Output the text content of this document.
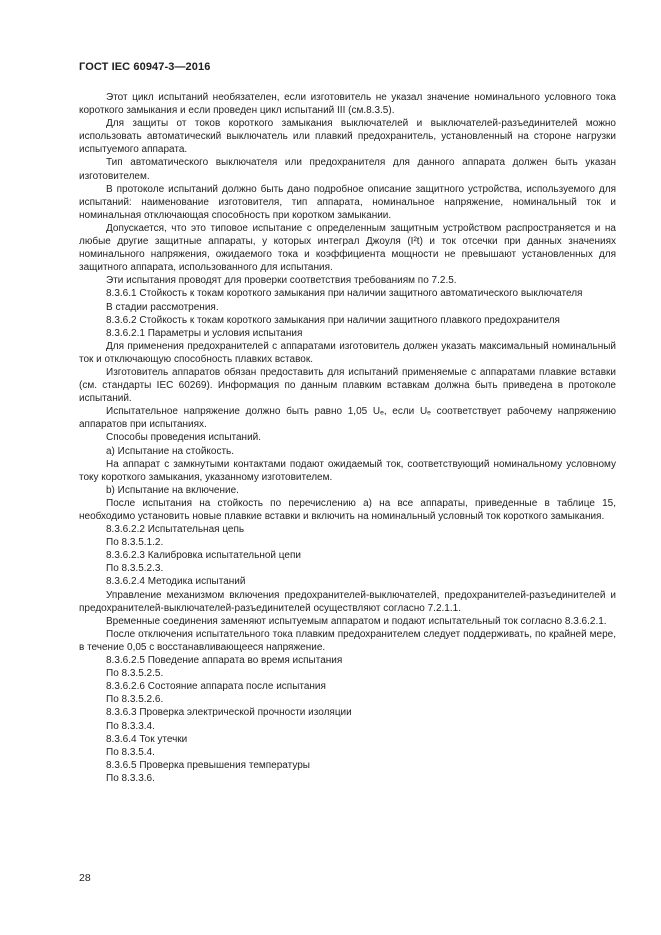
ГОСТ IEC 60947-3—2016

Этот цикл испытаний необязателен, если изготовитель не указал значение номинального условного тока короткого замыкания и если проведен цикл испытаний III (см.8.3.5).

Для защиты от токов короткого замыкания выключателей и выключателей-разъединителей можно использовать автоматический выключатель или плавкий предохранитель, установленный на стороне нагрузки испытуемого аппарата.

Тип автоматического выключателя или предохранителя для данного аппарата должен быть указан изготовителем.

В протоколе испытаний должно быть дано подробное описание защитного устройства, используемого для испытаний: наименование изготовителя, тип аппарата, номинальное напряжение, номинальный ток и номинальная отключающая способность при коротком замыкании.

Допускается, что это типовое испытание с определенным защитным устройством распространяется и на любые другие защитные аппараты, у которых интеграл Джоуля (I²t) и ток отсечки при данных значениях номинального напряжения, ожидаемого тока и коэффициента мощности не превышают установленных для защитного аппарата, использованного для испытания.

Эти испытания проводят для проверки соответствия требованиям по 7.2.5.

8.3.6.1 Стойкость к токам короткого замыкания при наличии защитного автоматического выключателя

В стадии рассмотрения.

8.3.6.2 Стойкость к токам короткого замыкания при наличии защитного плавкого предохранителя

8.3.6.2.1 Параметры и условия испытания

Для применения предохранителей с аппаратами изготовитель должен указать максимальный номинальный ток и отключающую способность плавких вставок.

Изготовитель аппаратов обязан предоставить для испытаний применяемые с аппаратами плавкие вставки (см. стандарты IEC 60269). Информация по данным плавким вставкам должна быть приведена в протоколе испытаний.

Испытательное напряжение должно быть равно 1,05 Uₑ, если Uₑ соответствует рабочему напряжению аппаратов при испытаниях.

Способы проведения испытаний.

a) Испытание на стойкость.

На аппарат с замкнутыми контактами подают ожидаемый ток, соответствующий номинальному условному току короткого замыкания, указанному изготовителем.

b) Испытание на включение.

После испытания на стойкость по перечислению а) на все аппараты, приведенные в таблице 15, необходимо установить новые плавкие вставки и включить на номинальный условный ток короткого замыкания.

8.3.6.2.2 Испытательная цепь

По 8.3.5.1.2.

8.3.6.2.3 Калибровка испытательной цепи

По 8.3.5.2.3.

8.3.6.2.4 Методика испытаний

Управление механизмом включения предохранителей-выключателей, предохранителей-разъединителей и предохранителей-выключателей-разъединителей осуществляют согласно 7.2.1.1.

Временные соединения заменяют испытуемым аппаратом и подают испытательный ток согласно 8.3.6.2.1.

После отключения испытательного тока плавким предохранителем следует поддерживать, по крайней мере, в течение 0,05 с восстанавливающееся напряжение.

8.3.6.2.5 Поведение аппарата во время испытания

По 8.3.5.2.5.

8.3.6.2.6 Состояние аппарата после испытания

По 8.3.5.2.6.

8.3.6.3 Проверка электрической прочности изоляции

По 8.3.3.4.

8.3.6.4 Ток утечки

По 8.3.5.4.

8.3.6.5 Проверка превышения температуры

По 8.3.3.6.

28
